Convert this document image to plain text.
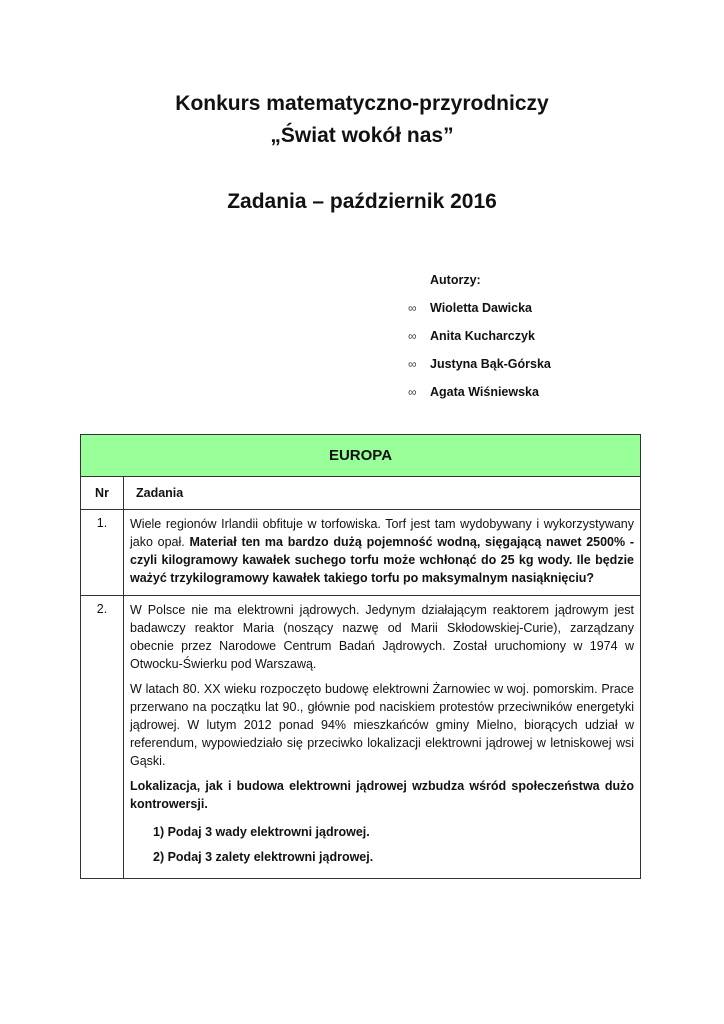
Konkurs matematyczno-przyrodniczy
„Świat wokół nas”
Zadania – październik 2016
Autorzy:
∞	Wioletta Dawicka
∞	Anita Kucharczyk
∞	Justyna Bąk-Górska
∞	Agata Wiśniewska
EUROPA	
Nr	Zadania
1.	Wiele regionów Irlandii obfituje w torfowiska. Torf jest tam wydobywany i wykorzystywany jako opał. Materiał ten ma bardzo dużą pojemność wodną, sięgającą nawet 2500% - czyli kilogramowy kawałek suchego torfu może wchłonąć do 25 kg wody. Ile będzie ważyć trzykilogramowy kawałek takiego torfu po maksymalnym nasiąknięciu?

2.	W Polsce nie ma elektrowni jądrowych. Jedynym działającym reaktorem jądrowym jest badawczy reaktor Maria (noszący nazwę od Marii Skłodowskiej-Curie), zarządzany obecnie przez Narodowe Centrum Badań Jądrowych. Został uruchomiony w 1974 w Otwocku-Świerku pod Warszawą.

W latach 80. XX wieku rozpoczęto budowę elektrowni Żarnowiec w woj. pomorskim. Prace przerwano na początku lat 90., głównie pod naciskiem protestów przeciwników energetyki jądrowej. W lutym 2012 ponad 94% mieszkańców gminy Mielno, biorących udział w referendum, wypowiedziało się przeciwko lokalizacji elektrowni jądrowej w letniskowej wsi Gąski.

Lokalizacja, jak i budowa elektrowni jądrowej wzbudza wśród społeczeństwa dużo kontrowersji.

1) Podaj 3 wady elektrowni jądrowej.
2) Podaj 3 zalety elektrowni jądrowej.
